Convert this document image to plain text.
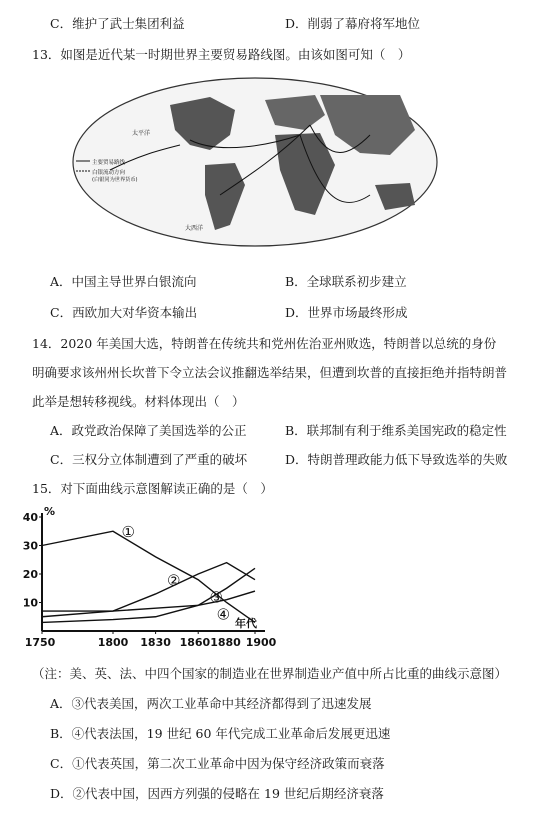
C．维护了武士集团利益	D．削弱了幕府将军地位
13．如图是近代某一时期世界主要贸易路线图。由该如图可知（　）
主要贸易路线
白银流动方向
(白银同为世界货币)
太平洋
大西洋
A．中国主导世界白银流向	B．全球联系初步建立
C．西欧加大对华资本输出	D．世界市场最终形成
14．2020 年美国大选，特朗普在传统共和党州佐治亚州败选，特朗普以总统的身份
明确要求该州州长坎普下令立法会议推翻选举结果，但遭到坎普的直接拒绝并指特朗普
此举是想转移视线。材料体现出（　）
A．政党政治保障了美国选举的公正	B．联邦制有利于维系美国宪政的稳定性
C．三权分立体制遭到了严重的破坏	D．特朗普理政能力低下导致选举的失败
15．对下面曲线示意图解读正确的是（　）
%
40
30
20
10
1750	1800 1830 18601880 1900
年代
①
②
③
④
（注：美、英、法、中四个国家的制造业在世界制造业产值中所占比重的曲线示意图）
A．③代表美国，两次工业革命中其经济都得到了迅速发展
B．④代表法国，19 世纪 60 年代完成工业革命后发展更迅速
C．①代表英国，第二次工业革命中因为保守经济政策而衰落
D．②代表中国，因西方列强的侵略在 19 世纪后期经济衰落
